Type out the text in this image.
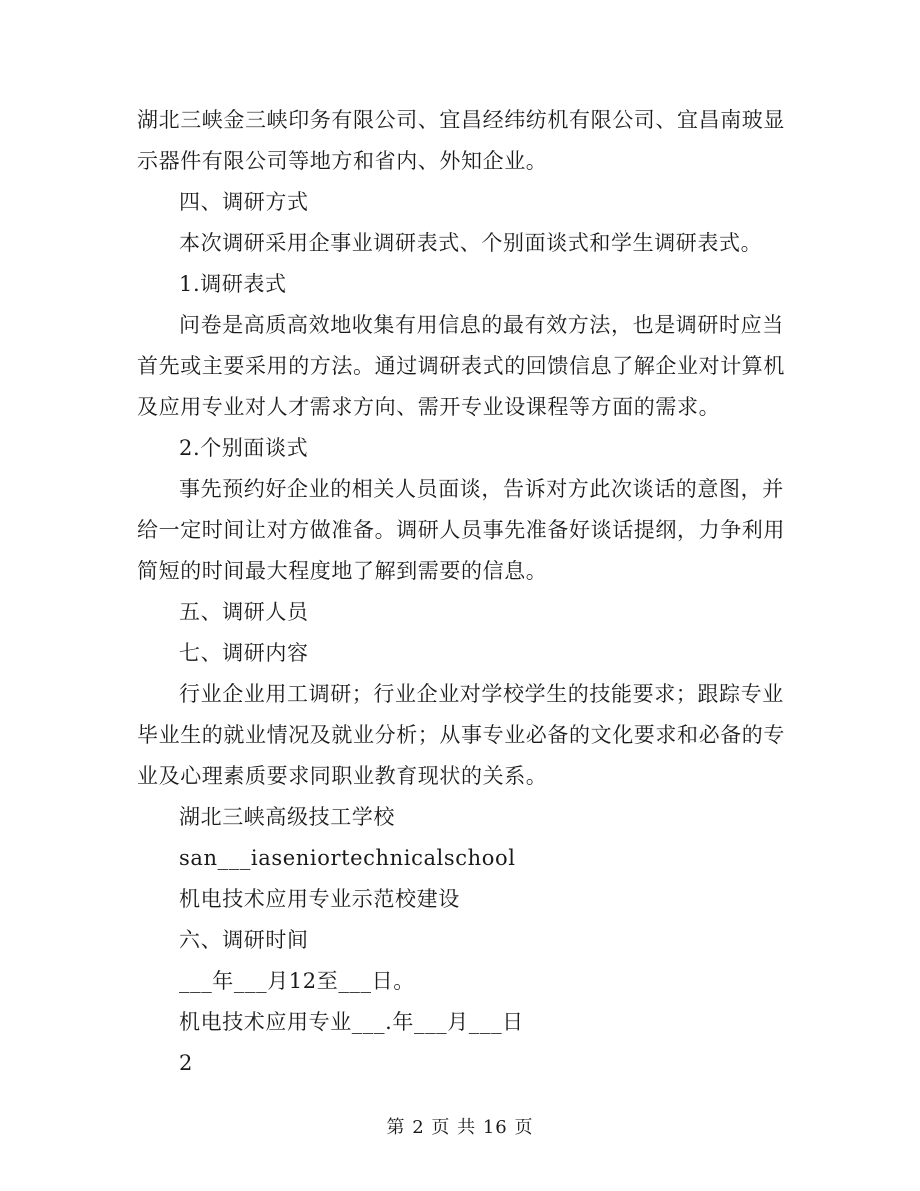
湖北三峡金三峡印务有限公司、宜昌经纬纺机有限公司、宜昌南玻显
示器件有限公司等地方和省内、外知企业。
四、调研方式
本次调研采用企事业调研表式、个别面谈式和学生调研表式。
1.调研表式
问卷是高质高效地收集有用信息的最有效方法，也是调研时应当
首先或主要采用的方法。通过调研表式的回馈信息了解企业对计算机
及应用专业对人才需求方向、需开专业设课程等方面的需求。
2.个别面谈式
事先预约好企业的相关人员面谈，告诉对方此次谈话的意图，并
给一定时间让对方做准备。调研人员事先准备好谈话提纲，力争利用
简短的时间最大程度地了解到需要的信息。
五、调研人员
七、调研内容
行业企业用工调研；行业企业对学校学生的技能要求；跟踪专业
毕业生的就业情况及就业分析；从事专业必备的文化要求和必备的专
业及心理素质要求同职业教育现状的关系。
湖北三峡高级技工学校
san___iaseniortechnicalschool
机电技术应用专业示范校建设
六、调研时间
___年___月12至___日。
机电技术应用专业___.年___月___日
2
第 2 页 共 16 页
